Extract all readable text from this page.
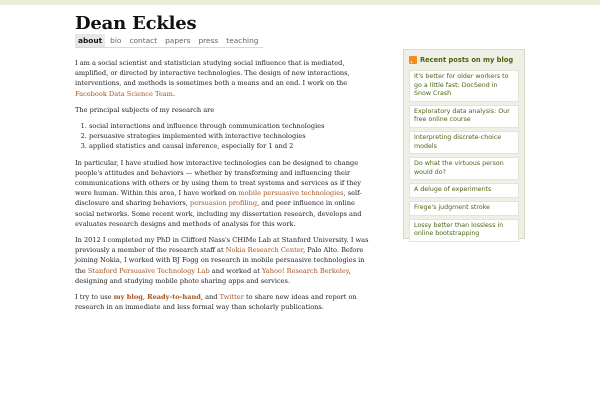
Dean Eckles
about	bio	contact	papers	press	teaching

I am a social scientist and statistician studying social influence that is mediated, amplified, or directed by interactive technologies. The design of new interactions, interventions, and methods is sometimes both a means and an end. I work on the Facebook Data Science Team.

The principal subjects of my research are

1. social interactions and influence through communication technologies
2. persuasive strategies implemented with interactive technologies
3. applied statistics and causal inference, especially for 1 and 2

In particular, I have studied how interactive technologies can be designed to change people's attitudes and behaviors — whether by transforming and influencing their communications with others or by using them to treat systems and services as if they were human. Within this area, I have worked on mobile persuasive technologies, self-disclosure and sharing behaviors, persuasion profiling, and peer influence in online social networks. Some recent work, including my dissertation research, develops and evaluates research designs and methods of analysis for this work.

In 2012 I completed my PhD in Clifford Nass's CHIMe Lab at Stanford University. I was previously a member of the research staff at Nokia Research Center, Palo Alto. Before joining Nokia, I worked with BJ Fogg on research in mobile persuasive technologies in the Stanford Persuasive Technology Lab and worked at Yahoo! Research Berkeley, designing and studying mobile photo sharing apps and services.

I try to use my blog, Ready-to-hand, and Twitter to share new ideas and report on research in an immediate and less formal way than scholarly publications.

Recent posts on my blog
It's better for older workers to go a little fast: DocSend in Snow Crash
Exploratory data analysis: Our free online course
Interpreting discrete-choice models
Do what the virtuous person would do?
A deluge of experiments
Frege's judgment stroke
Lossy better than lossless in online bootstrapping
